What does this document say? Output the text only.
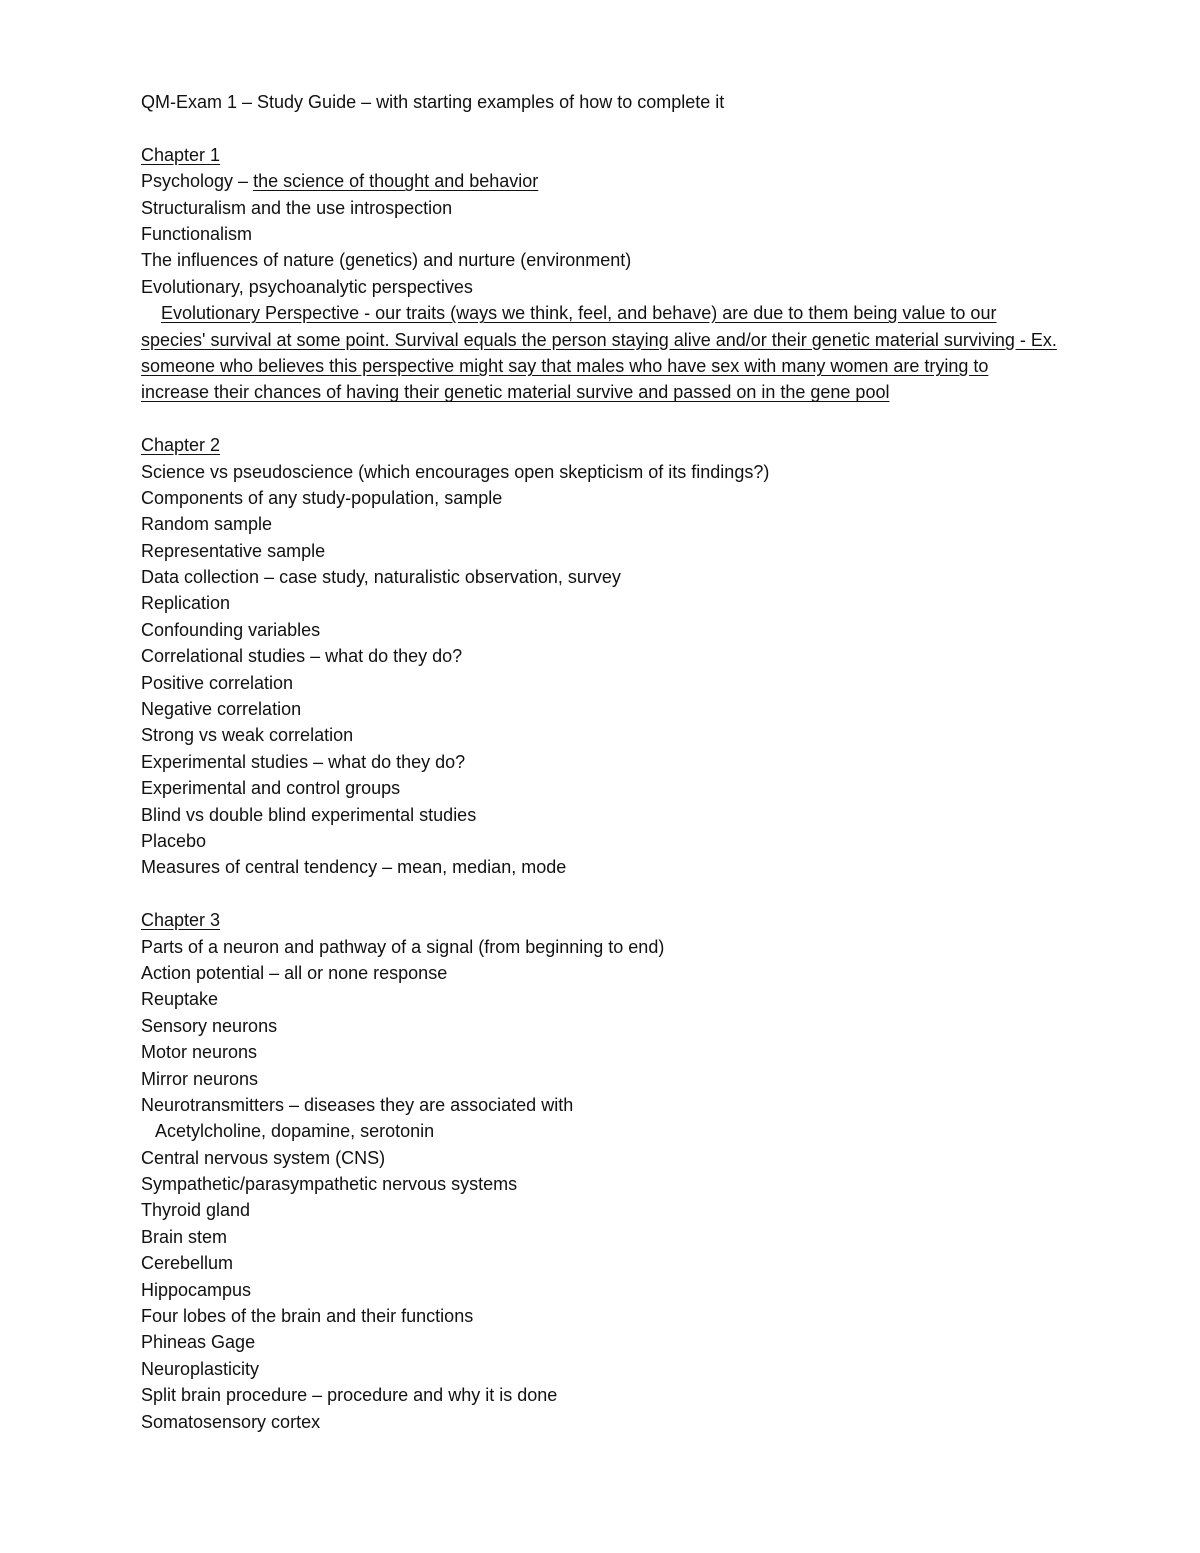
QM-Exam 1 – Study Guide – with starting examples of how to complete it
Chapter 1
Psychology – the science of thought and behavior
Structuralism and the use introspection
Functionalism
The influences of nature (genetics) and nurture (environment)
Evolutionary, psychoanalytic perspectives
Evolutionary Perspective - our traits (ways we think, feel, and behave) are due to them being value to our species' survival at some point. Survival equals the person staying alive and/or their genetic material surviving - Ex. someone who believes this perspective might say that males who have sex with many women are trying to increase their chances of having their genetic material survive and passed on in the gene pool
Chapter 2
Science vs pseudoscience (which encourages open skepticism of its findings?)
Components of any study-population, sample
Random sample
Representative sample
Data collection – case study, naturalistic observation, survey
Replication
Confounding variables
Correlational studies – what do they do?
Positive correlation
Negative correlation
Strong vs weak correlation
Experimental studies – what do they do?
Experimental and control groups
Blind vs double blind experimental studies
Placebo
Measures of central tendency – mean, median, mode
Chapter 3
Parts of a neuron and pathway of a signal (from beginning to end)
Action potential – all or none response
Reuptake
Sensory neurons
Motor neurons
Mirror neurons
Neurotransmitters – diseases they are associated with
Acetylcholine, dopamine, serotonin
Central nervous system (CNS)
Sympathetic/parasympathetic nervous systems
Thyroid gland
Brain stem
Cerebellum
Hippocampus
Four lobes of the brain and their functions
Phineas Gage
Neuroplasticity
Split brain procedure – procedure and why it is done
Somatosensory cortex
